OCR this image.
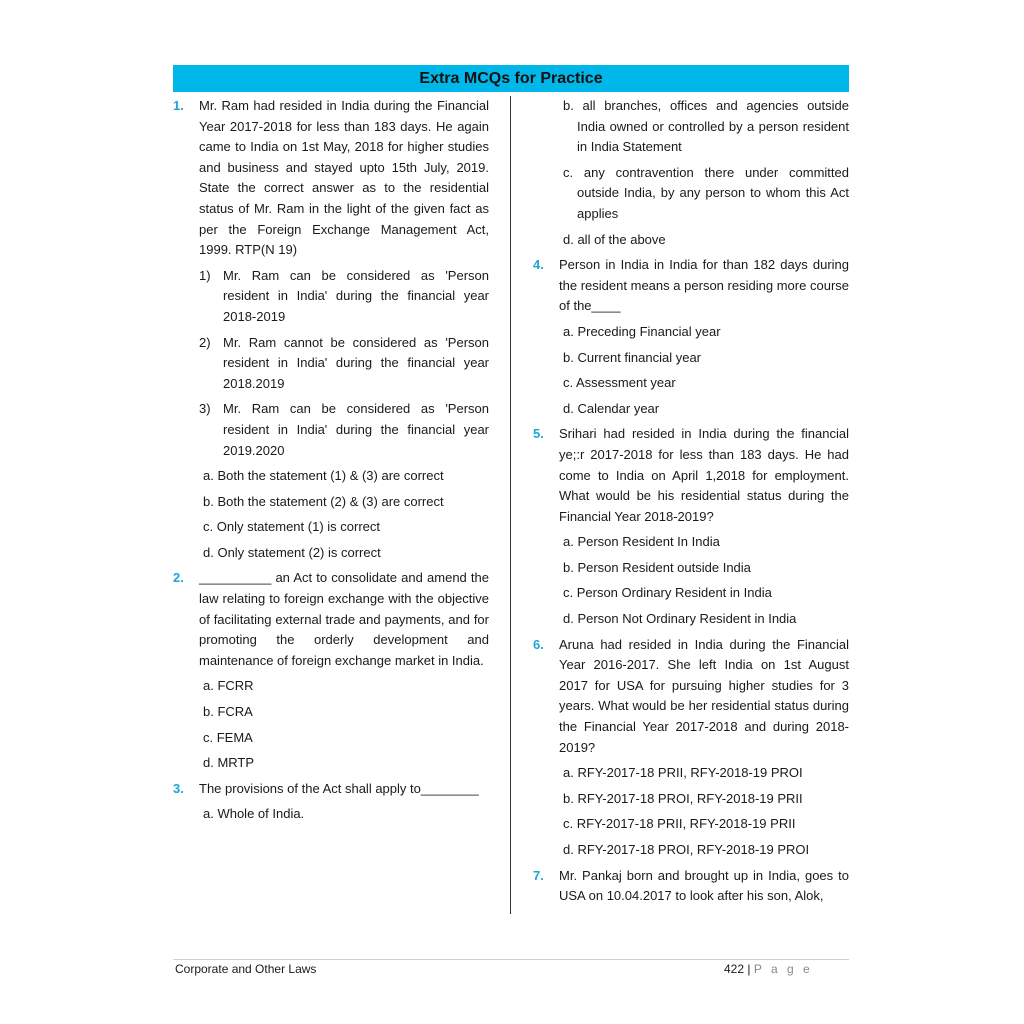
Extra MCQs for Practice
1. Mr. Ram had resided in India during the Financial Year 2017-2018 for less than 183 days. He again came to India on 1st May, 2018 for higher studies and business and stayed upto 15th July, 2019. State the correct answer as to the residential status of Mr. Ram in the light of the given fact as per the Foreign Exchange Management Act, 1999. RTP(N 19)
1) Mr. Ram can be considered as 'Person resident in India' during the financial year 2018-2019
2) Mr. Ram cannot be considered as 'Person resident in India' during the financial year 2018.2019
3) Mr. Ram can be considered as 'Person resident in India' during the financial year 2019.2020
a. Both the statement (1) & (3) are correct
b. Both the statement (2) & (3) are correct
c. Only statement (1) is correct
d. Only statement (2) is correct
2. __________ an Act to consolidate and amend the law relating to foreign exchange with the objective of facilitating external trade and payments, and for promoting the orderly development and maintenance of foreign exchange market in India.
a. FCRR
b. FCRA
c. FEMA
d. MRTP
3. The provisions of the Act shall apply to________
a. Whole of India.
b. all branches, offices and agencies outside India owned or controlled by a person resident in India Statement
c. any contravention there under committed outside India, by any person to whom this Act applies
d. all of the above
4. Person in India in India for than 182 days during the resident means a person residing more course of the____
a. Preceding Financial year
b. Current financial year
c. Assessment year
d. Calendar year
5. Srihari had resided in India during the financial ye;:r 2017-2018 for less than 183 days. He had come to India on April 1,2018 for employment. What would be his residential status during the Financial Year 2018-2019?
a. Person Resident In India
b. Person Resident outside India
c. Person Ordinary Resident in India
d. Person Not Ordinary Resident in India
6. Aruna had resided in India during the Financial Year 2016-2017. She left India on 1st August 2017 for USA for pursuing higher studies for 3 years. What would be her residential status during the Financial Year 2017-2018 and during 2018-2019?
a. RFY-2017-18 PRII, RFY-2018-19 PROI
b. RFY-2017-18 PROI, RFY-2018-19 PRII
c. RFY-2017-18 PRII, RFY-2018-19 PRII
d. RFY-2017-18 PROI, RFY-2018-19 PROI
7. Mr. Pankaj born and brought up in India, goes to USA on 10.04.2017 to look after his son, Alok,
Corporate and Other Laws	422 | P a g e
